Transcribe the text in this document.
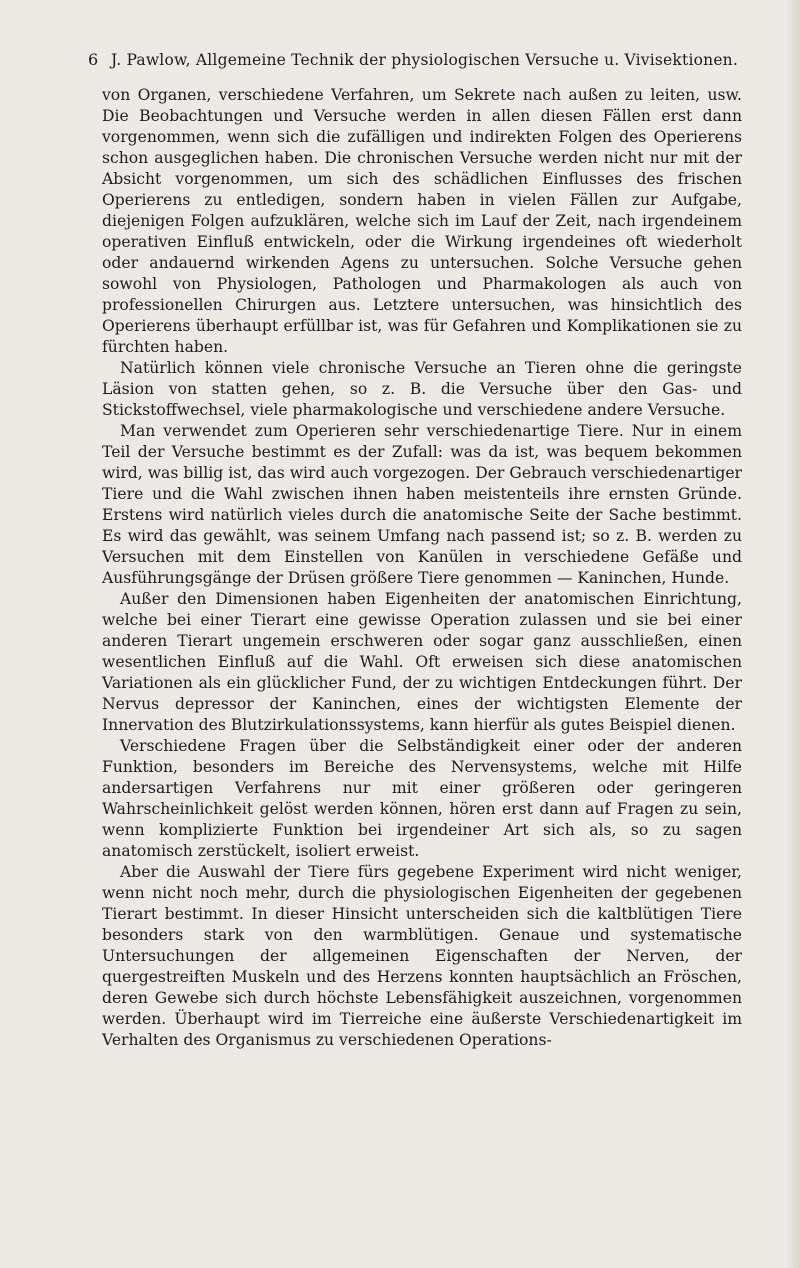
6 J. Pawlow, Allgemeine Technik der physiologischen Versuche u. Vivisektionen.

von Organen, verschiedene Verfahren, um Sekrete nach außen zu leiten, usw. Die Beobachtungen und Versuche werden in allen diesen Fällen erst dann vorgenommen, wenn sich die zufälligen und indirekten Folgen des Operierens schon ausgeglichen haben. Die chronischen Versuche werden nicht nur mit der Absicht vorgenommen, um sich des schädlichen Einflusses des frischen Operierens zu entledigen, sondern haben in vielen Fällen zur Aufgabe, diejenigen Folgen aufzuklären, welche sich im Lauf der Zeit, nach irgendeinem operativen Einfluß entwickeln, oder die Wirkung irgendeines oft wiederholt oder andauernd wirkenden Agens zu untersuchen. Solche Versuche gehen sowohl von Physiologen, Pathologen und Pharmakologen als auch von professionellen Chirurgen aus. Letztere untersuchen, was hinsichtlich des Operierens überhaupt erfüllbar ist, was für Gefahren und Komplikationen sie zu fürchten haben.

Natürlich können viele chronische Versuche an Tieren ohne die geringste Läsion von statten gehen, so z. B. die Versuche über den Gas- und Stickstoffwechsel, viele pharmakologische und verschiedene andere Versuche.

Man verwendet zum Operieren sehr verschiedenartige Tiere. Nur in einem Teil der Versuche bestimmt es der Zufall: was da ist, was bequem bekommen wird, was billig ist, das wird auch vorgezogen. Der Gebrauch verschiedenartiger Tiere und die Wahl zwischen ihnen haben meistenteils ihre ernsten Gründe. Erstens wird natürlich vieles durch die anatomische Seite der Sache bestimmt. Es wird das gewählt, was seinem Umfang nach passend ist; so z. B. werden zu Versuchen mit dem Einstellen von Kanülen in verschiedene Gefäße und Ausführungsgänge der Drüsen größere Tiere genommen — Kaninchen, Hunde.

Außer den Dimensionen haben Eigenheiten der anatomischen Einrichtung, welche bei einer Tierart eine gewisse Operation zulassen und sie bei einer anderen Tierart ungemein erschweren oder sogar ganz ausschließen, einen wesentlichen Einfluß auf die Wahl. Oft erweisen sich diese anatomischen Variationen als ein glücklicher Fund, der zu wichtigen Entdeckungen führt. Der Nervus depressor der Kaninchen, eines der wichtigsten Elemente der Innervation des Blutzirkulationssystems, kann hierfür als gutes Beispiel dienen.

Verschiedene Fragen über die Selbständigkeit einer oder der anderen Funktion, besonders im Bereiche des Nervensystems, welche mit Hilfe andersartigen Verfahrens nur mit einer größeren oder geringeren Wahrscheinlichkeit gelöst werden können, hören erst dann auf Fragen zu sein, wenn komplizierte Funktion bei irgendeiner Art sich als, so zu sagen anatomisch zerstückelt, isoliert erweist.

Aber die Auswahl der Tiere fürs gegebene Experiment wird nicht weniger, wenn nicht noch mehr, durch die physiologischen Eigenheiten der gegebenen Tierart bestimmt. In dieser Hinsicht unterscheiden sich die kaltblütigen Tiere besonders stark von den warmblütigen. Genaue und systematische Untersuchungen der allgemeinen Eigenschaften der Nerven, der quergestreiften Muskeln und des Herzens konnten hauptsächlich an Fröschen, deren Gewebe sich durch höchste Lebensfähigkeit auszeichnen, vorgenommen werden. Überhaupt wird im Tierreiche eine äußerste Verschiedenartigkeit im Verhalten des Organismus zu verschiedenen Operations-
